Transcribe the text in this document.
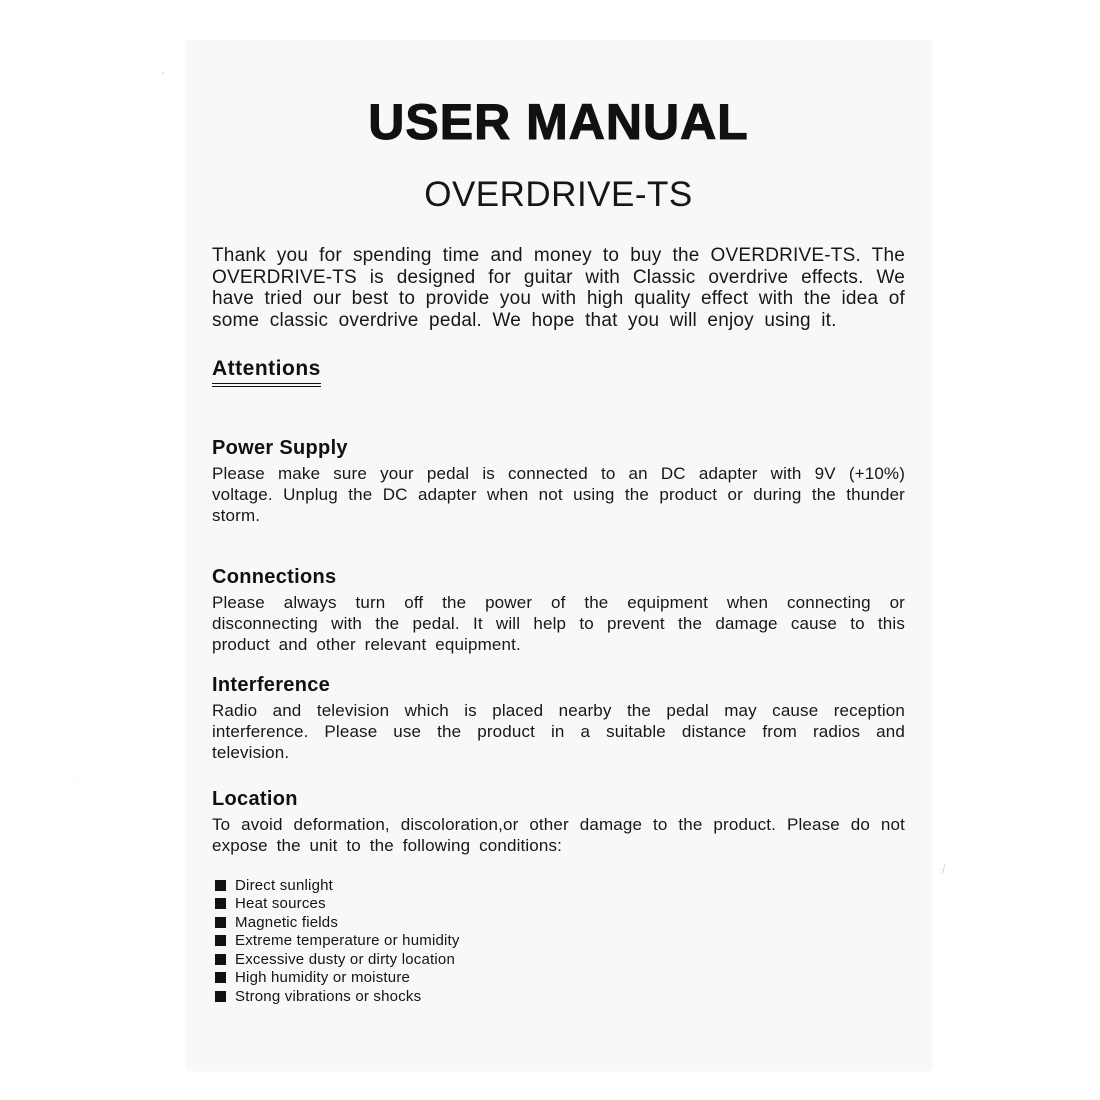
'
·/
·.
USER MANUAL
OVERDRIVE-TS

Thank you for spending time and money to buy the OVERDRIVE-TS. The OVERDRIVE-TS is designed for guitar with Classic overdrive effects. We have tried our best to provide you with high quality effect with the idea of some classic overdrive pedal. We hope that you will enjoy using it.

Attentions
Power Supply

Please make sure your pedal is connected to an DC adapter with 9V (+10%) voltage. Unplug the DC adapter when not using the product or during the thunder storm.

Connections

Please always turn off the power of the equipment when connecting or disconnecting with the pedal. It will help to prevent the damage cause to this product and other relevant equipment.

Interference

Radio and television which is placed nearby the pedal may cause reception interference. Please use the product in a suitable distance from radios and television.

Location

To avoid deformation, discoloration,or other damage to the product. Please do not expose the unit to the following conditions:

Direct sunlight
Heat sources
Magnetic fields
Extreme temperature or humidity
Excessive dusty or dirty location
High humidity or moisture
Strong vibrations or shocks
